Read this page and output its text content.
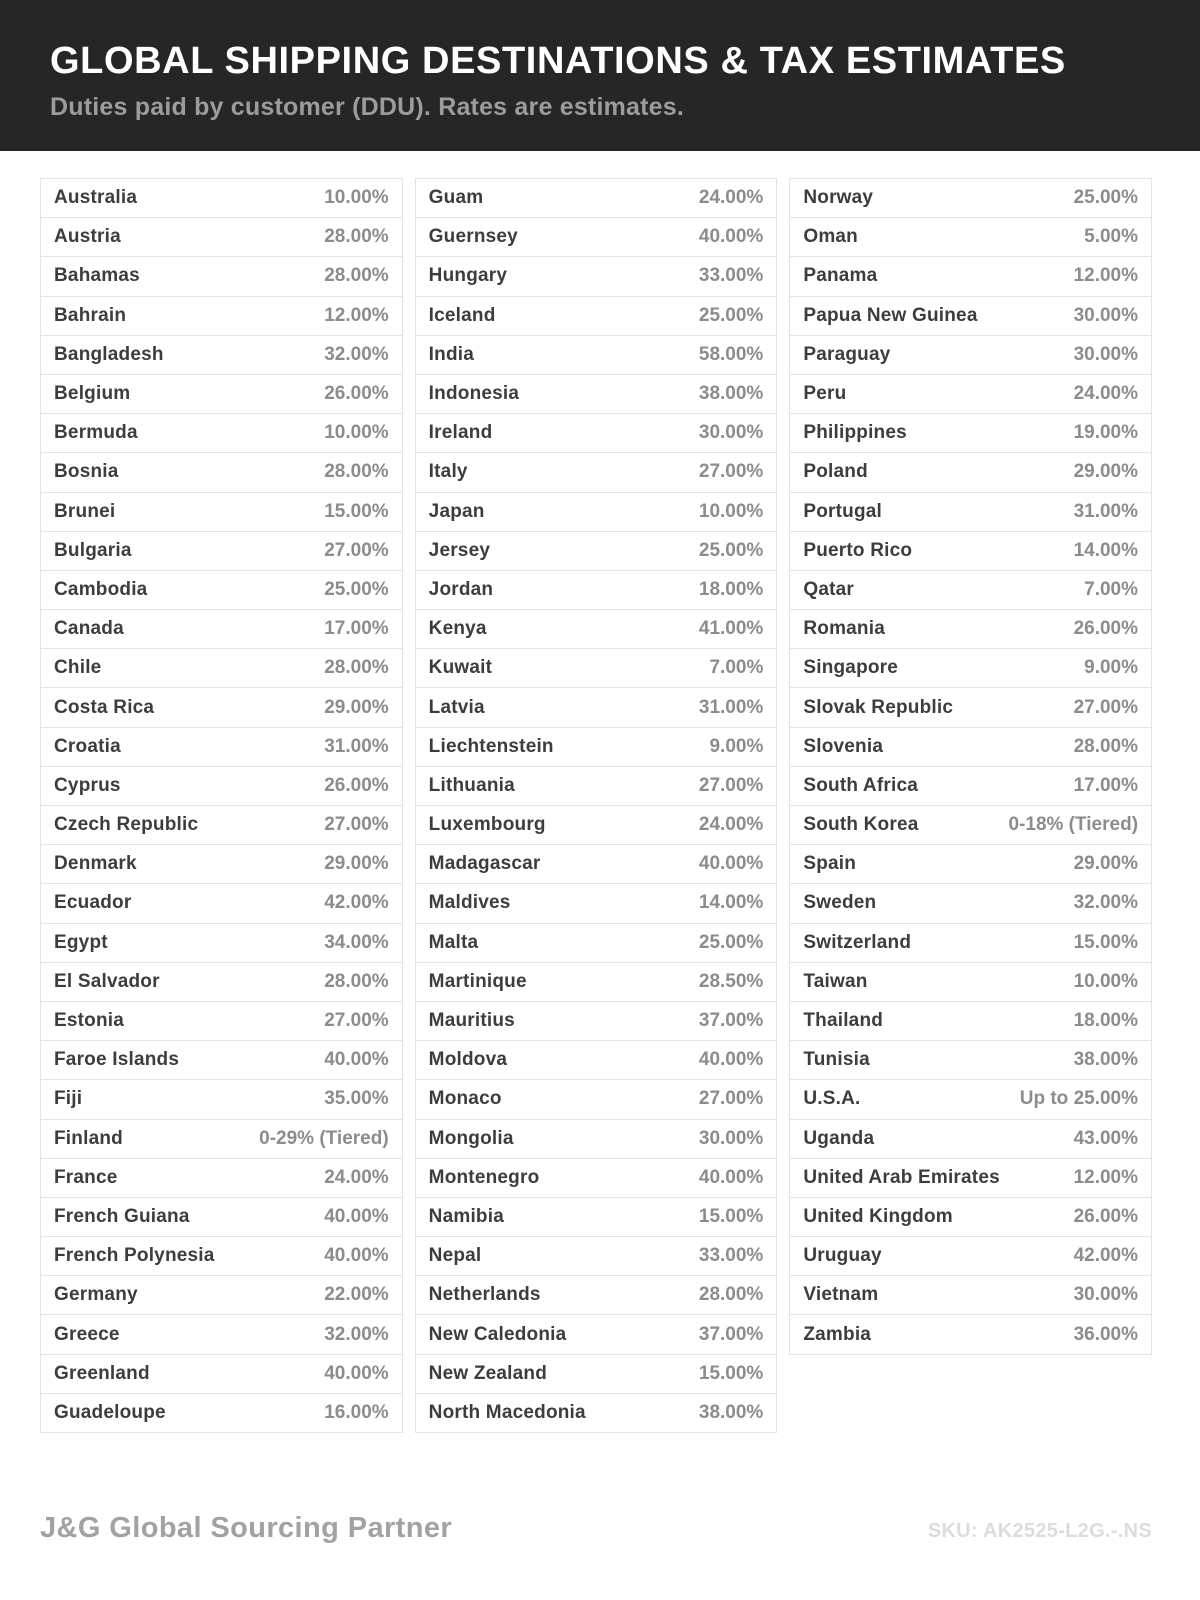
GLOBAL SHIPPING DESTINATIONS & TAX ESTIMATES
Duties paid by customer (DDU). Rates are estimates.
Australia	10.00%
Austria	28.00%
Bahamas	28.00%
Bahrain	12.00%
Bangladesh	32.00%
Belgium	26.00%
Bermuda	10.00%
Bosnia	28.00%
Brunei	15.00%
Bulgaria	27.00%
Cambodia	25.00%
Canada	17.00%
Chile	28.00%
Costa Rica	29.00%
Croatia	31.00%
Cyprus	26.00%
Czech Republic	27.00%
Denmark	29.00%
Ecuador	42.00%
Egypt	34.00%
El Salvador	28.00%
Estonia	27.00%
Faroe Islands	40.00%
Fiji	35.00%
Finland	0-29% (Tiered)
France	24.00%
French Guiana	40.00%
French Polynesia	40.00%
Germany	22.00%
Greece	32.00%
Greenland	40.00%
Guadeloupe	16.00%
Guam	24.00%
Guernsey	40.00%
Hungary	33.00%
Iceland	25.00%
India	58.00%
Indonesia	38.00%
Ireland	30.00%
Italy	27.00%
Japan	10.00%
Jersey	25.00%
Jordan	18.00%
Kenya	41.00%
Kuwait	7.00%
Latvia	31.00%
Liechtenstein	9.00%
Lithuania	27.00%
Luxembourg	24.00%
Madagascar	40.00%
Maldives	14.00%
Malta	25.00%
Martinique	28.50%
Mauritius	37.00%
Moldova	40.00%
Monaco	27.00%
Mongolia	30.00%
Montenegro	40.00%
Namibia	15.00%
Nepal	33.00%
Netherlands	28.00%
New Caledonia	37.00%
New Zealand	15.00%
North Macedonia	38.00%
Norway	25.00%
Oman	5.00%
Panama	12.00%
Papua New Guinea	30.00%
Paraguay	30.00%
Peru	24.00%
Philippines	19.00%
Poland	29.00%
Portugal	31.00%
Puerto Rico	14.00%
Qatar	7.00%
Romania	26.00%
Singapore	9.00%
Slovak Republic	27.00%
Slovenia	28.00%
South Africa	17.00%
South Korea	0-18% (Tiered)
Spain	29.00%
Sweden	32.00%
Switzerland	15.00%
Taiwan	10.00%
Thailand	18.00%
Tunisia	38.00%
U.S.A.	Up to 25.00%
Uganda	43.00%
United Arab Emirates	12.00%
United Kingdom	26.00%
Uruguay	42.00%
Vietnam	30.00%
Zambia	36.00%
J&G Global Sourcing Partner	SKU: AK2525-L2G.-.NS
